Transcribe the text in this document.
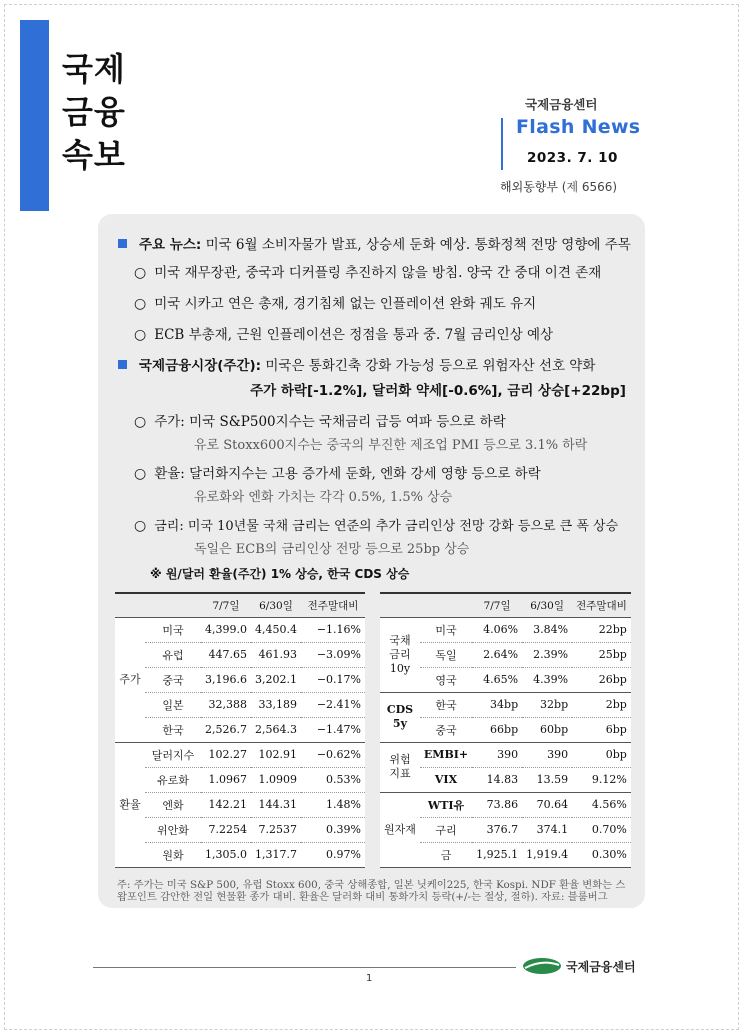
국제
금융
속보
국제금융센터
Flash News
2023. 7. 10
해외동향부 (제 6566)
주요 뉴스: 미국 6월 소비자물가 발표, 상승세 둔화 예상. 통화정책 전망 영향에 주목
○ 미국 재무장관, 중국과 디커플링 추진하지 않을 방침. 양국 간 중대 이견 존재
○ 미국 시카고 연은 총재, 경기침체 없는 인플레이션 완화 궤도 유지
○ ECB 부총재, 근원 인플레이션은 정점을 통과 중. 7월 금리인상 예상
국제금융시장(주간): 미국은 통화긴축 강화 가능성 등으로 위험자산 선호 약화
주가 하락[-1.2%], 달러화 약세[-0.6%], 금리 상승[+22bp]
○ 주가: 미국 S&P500지수는 국채금리 급등 여파 등으로 하락
유로 Stoxx600지수는 중국의 부진한 제조업 PMI 등으로 3.1% 하락
○ 환율: 달러화지수는 고용 증가세 둔화, 엔화 강세 영향 등으로 하락
유로화와 엔화 가치는 각각 0.5%, 1.5% 상승
○ 금리: 미국 10년물 국채 금리는 연준의 추가 금리인상 전망 강화 등으로 큰 폭 상승
독일은 ECB의 금리인상 전망 등으로 25bp 상승
※ 원/달러 환율(주간) 1% 상승, 한국 CDS 상승
		7/7일	6/30일	전주말대비
주가	미국	4,399.0	4,450.4	−1.16%
	유럽	447.65	461.93	−3.09%
	중국	3,196.6	3,202.1	−0.17%
	일본	32,388	33,189	−2.41%
	한국	2,526.7	2,564.3	−1.47%
환율	달러지수	102.27	102.91	−0.62%
	유로화	1.0967	1.0909	0.53%
	엔화	142.21	144.31	1.48%
	위안화	7.2254	7.2537	0.39%
	원화	1,305.0	1,317.7	0.97%
		7/7일	6/30일	전주말대비
국채
금리
10y	미국	4.06%	3.84%	22bp
	독일	2.64%	2.39%	25bp
	영국	4.65%	4.39%	26bp
CDS
5y	한국	34bp	32bp	2bp
	중국	66bp	60bp	6bp
위험
지표	EMBI+	390	390	0bp
	VIX	14.83	13.59	9.12%
원자재	WTI유	73.86	70.64	4.56%
	구리	376.7	374.1	0.70%
	금	1,925.1	1,919.4	0.30%
주: 주가는 미국 S&P 500, 유럽 Stoxx 600, 중국 상해종합, 일본 닛케이225, 한국 Kospi. NDF 환율 변화는 스왑포인트 감안한 전일 현물환 종가 대비. 환율은 달러화 대비 통화가치 등락(+/-는 절상, 절하). 자료: 블룸버그
국제금융센터
1
